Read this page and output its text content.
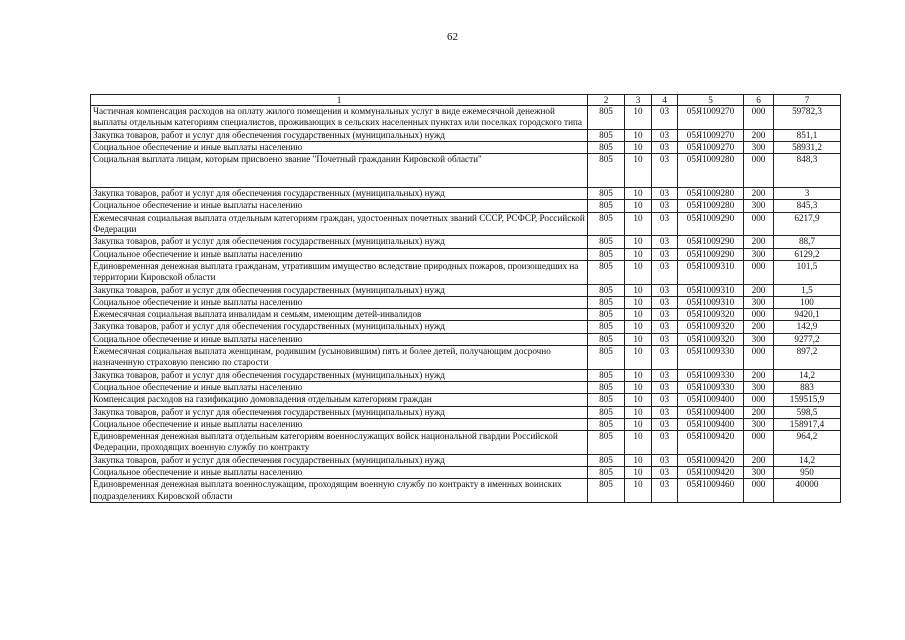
62
1	2	3	4	5	6	7
Частичная компенсация расходов на оплату жилого помещения и коммунальных услуг в виде ежемесячной денежной выплаты отдельным категориям специалистов, проживающих в сельских населенных пунктах или поселках городского типа	805	10	03	05Я1009270	000	59782,3
Закупка товаров, работ и услуг для обеспечения государственных (муниципальных) нужд	805	10	03	05Я1009270	200	851,1
Социальное обеспечение и иные выплаты населению	805	10	03	05Я1009270	300	58931,2
Социальная выплата лицам, которым присвоено звание "Почетный гражданин Кировской области"	805	10	03	05Я1009280	000	848,3
Закупка товаров, работ и услуг для обеспечения государственных (муниципальных) нужд	805	10	03	05Я1009280	200	3
Социальное обеспечение и иные выплаты населению	805	10	03	05Я1009280	300	845,3
Ежемесячная социальная выплата отдельным категориям граждан, удостоенных почетных званий СССР, РСФСР, Российской Федерации	805	10	03	05Я1009290	000	6217,9
Закупка товаров, работ и услуг для обеспечения государственных (муниципальных) нужд	805	10	03	05Я1009290	200	88,7
Социальное обеспечение и иные выплаты населению	805	10	03	05Я1009290	300	6129,2
Единовременная денежная выплата гражданам, утратившим имущество вследствие природных пожаров, произошедших на территории Кировской области	805	10	03	05Я1009310	000	101,5
Закупка товаров, работ и услуг для обеспечения государственных (муниципальных) нужд	805	10	03	05Я1009310	200	1,5
Социальное обеспечение и иные выплаты населению	805	10	03	05Я1009310	300	100
Ежемесячная социальная выплата инвалидам и семьям, имеющим детей-инвалидов	805	10	03	05Я1009320	000	9420,1
Закупка товаров, работ и услуг для обеспечения государственных (муниципальных) нужд	805	10	03	05Я1009320	200	142,9
Социальное обеспечение и иные выплаты населению	805	10	03	05Я1009320	300	9277,2
Ежемесячная социальная выплата женщинам, родившим (усыновившим) пять и более детей, получающим досрочно назначенную страховую пенсию по старости	805	10	03	05Я1009330	000	897,2
Закупка товаров, работ и услуг для обеспечения государственных (муниципальных) нужд	805	10	03	05Я1009330	200	14,2
Социальное обеспечение и иные выплаты населению	805	10	03	05Я1009330	300	883
Компенсация расходов на газификацию домовладения отдельным категориям граждан	805	10	03	05Я1009400	000	159515,9
Закупка товаров, работ и услуг для обеспечения государственных (муниципальных) нужд	805	10	03	05Я1009400	200	598,5
Социальное обеспечение и иные выплаты населению	805	10	03	05Я1009400	300	158917,4
Единовременная денежная выплата отдельным категориям военнослужащих войск национальной гвардии Российской Федерации, проходящих военную службу по контракту	805	10	03	05Я1009420	000	964,2
Закупка товаров, работ и услуг для обеспечения государственных (муниципальных) нужд	805	10	03	05Я1009420	200	14,2
Социальное обеспечение и иные выплаты населению	805	10	03	05Я1009420	300	950
Единовременная денежная выплата военнослужащим, проходящим военную службу по контракту в именных воинских подразделениях Кировской области	805	10	03	05Я1009460	000	40000
